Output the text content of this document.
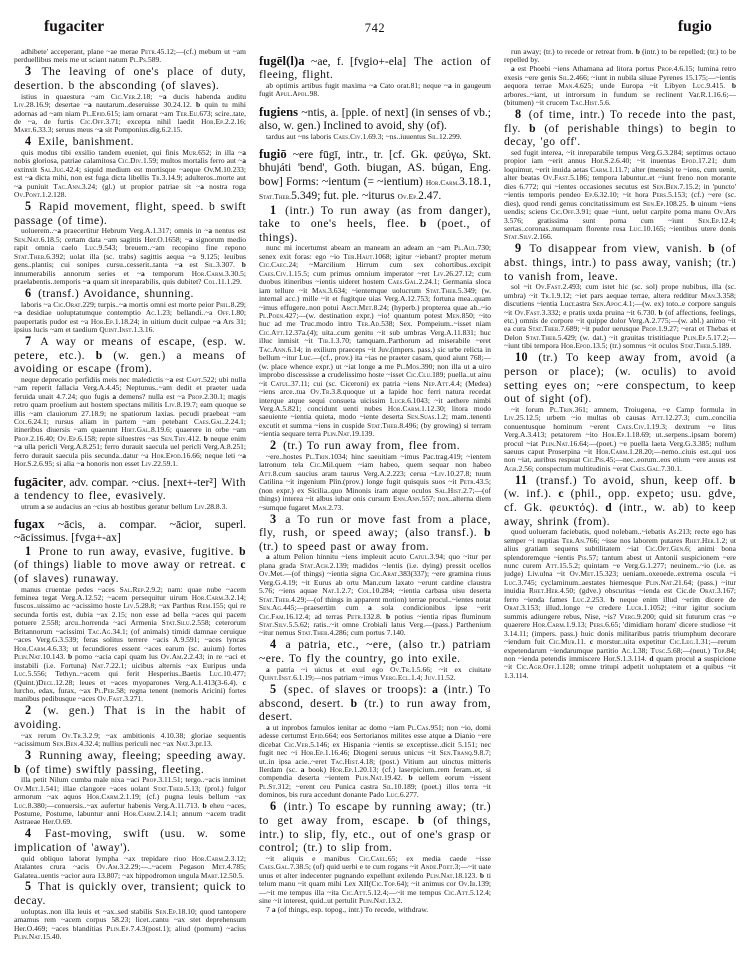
fugaciter	742	fugio

adhibete' acceperant, plane ~ae merae Petr.45.12;—(cf.) mebum ut ~am perduellibus meis me ut sciant natum Pl.Ps.589.

3 The leaving of one's place of duty, desertion. b the absconding (of slaves).

istius in quaestura ~am Cic.Ver.2.18; ~a ducis habenda auditu Liv.28.16.9; desertae ~a nautarum..deseruisse 30.24.12. b quin tu mihi adornas ad ~am niam Pl.Epid.615; iam ornarat ~am Ter.Eu.673; scire..tate, de ~a, de furtis Cic.Off.3.71; excepta nihil laedit Hor.Ep.2.2.16; Mart.6.33.3; seruus meus ~a sit Pomponius.dig.6.2.15.

4 Exile, banishment.

quis modus tibi exsilio tandem eueniet, qui finis Mur.652; in illa ~a nobis gloriosa, patriae calamitosa Cic.Div.1.59; multos mortalis ferro aut ~a extinxit Sal.Jug.42.4; siquid medium est mortisque ~aeque Ov.M.10.233; est ~a dicta mihi, non est fuga dicta libellis Tr.3.14.9; adulteros..morte aut ~a puniuit Tac.Ann.3.24; (gl.) ut propior patriae sit ~a nostra roga Ov.Pont.1.2.128.

5 Rapid movement, flight, speed. b swift passage (of time).

uoluerem..~a praecertitur Hebrum Verg.A.1.317; omnis in ~a nentus est Sen.Nat.6.18.5; certam data ~am sagittis Her.O.1658; ~a signorum medio rapit omnia caelo Luc.9.543; breuem..~am recopino fine repono Stat.Theb.6.392; uolat illa (sc. trabs) sagittis aequa ~a 9.125; leuibus gens..plantis; cui sonipes cursu..cesserit..tanta ~a est Sil.3.307. b innumerabilis annorum series et ~a temporum Hor.Carm.3.30.5; praelabentis..temporis ~a quam sit inreparabilis, quis dubitet? Col.11.1.29.

6 (transf.) Avoidance, shunning.

laboris ~a Cic.Orat.229; turpis..~a mortis omni est morte peior Phil.8.29; ~a desidiae uoluptatumque contemptio Ac.1.23; bellandi..~a Off.1.80; paupertatis pudor est ~a Hor.Ep.1.18.24; in uitium ducit culpae ~a Ars 31; ipsius lucis ~am et taedium Quint.Inst.1.3.16.

7 A way or means of escape, (esp. w. petere, etc.). b (w. gen.) a means of avoiding or escape (from).

neque deprecatio perfidiis meis nec maledictis ~a est Capt.522; ubi nulla ~am reperit fallacia Verg.A.4.45; Neptunus..~am dedit et praeter uada feruida unait 4.7.24; quo fugis a demens? nulla est ~a Prop.2.30.1; magis retro quam proelium aut hostem spectans militis Liv.8.19.7; eam quoque se illis ~am clauiorum 27.18.9; ne spatiorum laxias. pecudi praebeat ~am Col.6.24.1; rursus aliam in partem ~am petebant Caes.Gal.2.24.1; itineribus diuersis ~am quaerunt Hirt.Gal.8.19.6; quaerere in orbe ~am Prop.2.16.40; Ov.Ep.6.158; repte siluestres ~as Sen.Thy.412. b neque enim ~a ulla pericli Verg.A.8.251; ferro durauit saecula uel pericli Verg.A.8.251; ferro durauit saecula piis secunda..datur ~a Hor.Epod.16.66; neque leti ~a Hor.S.2.6.95; si alia ~a honoris non esset Liv.22.59.1.

fugāciter, adv. compar. ~cius. [next+-ter²] With a tendency to flee, evasively.

utrum a se audacius an ~cius ab hostibus geratur bellum Liv.28.8.3.

fugax ~ācis, a. compar. ~ācior, superl. ~ācissimus. [fvga+-ax]

1 Prone to run away, evasive, fugitive. b (of things) liable to move away or retreat. c (of slaves) runaway.

manus cruentae pedes ~aces Sal.Rep.2.9.2; nam: quae nube ~acem feminea tegat Verg.A.12.52; ~acem persequitur uirum Hor.Carm.3.2.14; fuscos..uissimo ac ~acissimo hoste Liv.5.28.8; ~ax Parthus Rem.155; qui re secunda fortis est, dubia ~ax 2.15; non esse ad bella ~aces qui pacem potuere 2.558; arcu..horrenda ~aci Armenia Stat.Silu.2.558; ceterorum Britannorum ~acissimi Tac.Ag.34.1; (of animals) timidi damnae ceruique ~aces Verg.G.3.539; feras solitus terrere ~acis A.9.591; ~aces lyncas Hor.Carm.4.6.33; ut fecundiores essent ~aces earum (sc. auium) fortes Plin.Nat.10.143. b pomo ~acia capi quam lus Ov.Am.2.2.43; in re ~aci et instabili (i.e. Fortuna) Nat.7.22.1; uicibus alternis ~ax Euripus unda Luc.5.556; Tethyn..~acem qui ferit Hesperius..Baetis Luc.10.477; (Quint.)Decl.12.28; leues et ~aces myoparones Verg.A.1.413(3-6.4). c lurcho, edax, furax, ~ax Pl.Per.58; regna tenent (nemoris Aricini) fortes manibus pedibusque ~aces Ov.Fast.3.271.

2 (w. gen.) That is in the habit of avoiding.

~ax rerum Ov.Tr.3.2.9; ~ax ambitionis 4.10.38; gloriae sequentis ~acissimum Sen.Ben.4.32.4; nullius periculi nec ~ax Nat.3.pr.13.

3 Running away, fleeing; speeding away. b (of time) swiftly passing, fleeting.

illa petit Nilum cumba male nixa ~aci Prop.3.11.51; tergo..~acis inminet Ov.Met.1.541; illae clangore ~aces uolant Stat.Theb.5.13; (prol.) fulgor armorum ~ax aquos Hor.Carm.2.1.19; (cf.) pugna leuis bellum ~ax Luc.8.380;—conuersis..~ax aufertur habenis Verg.A.11.713. b eheu ~aces, Postume, Postume, labuntur anni Hor.Carm.2.14.1; annum ~acem tradit Astraeae Her.O.69.

4 Fast-moving, swift (usu. w. some implication of 'away').

quid obliquo laborat lympha ~ax trepidare riuo Hor.Carm.2.3.12; Atalantes crura ~acis Ov.Am.3.2.29;—..~acem Pegason Met.4.785; Galatea..uentis ~acior aura 13.807; ~ax hippodromon ungula Mart.12.50.5.

5 That is quickly over, transient; quick to decay.

uoluptas..non illa leuis et ~ax..sed stabilis Sen.Ep.18.10; quod tantopere amamus rem ~acem corpus 58.23; licet..cantu ~ax stet deprehensum Her.O.469; ~aces blanditias Plin.Ep.7.4.3(post.1); aliud (pomum) ~acius Plin.Nat.15.40.

fugēl(l)a ~ae, f. [fvgio+-ela] The action of fleeing, flight.

ab optimis artibus fugit maxima ~a Cato orat.81; neque ~a in gaugeum fugit Apul.Apol.98.

fugiens ~ntis, a. [pple. of next] (in senses of vb.; also, w. gen.) Inclined to avoid, shy (of).

tardus aut ~ns laboris Caes.Civ.1.69.3; ~ns..iuuentus Sil.12.299.

fugiō ~ere fūgī, intr., tr. [cf. Gk. φεύγω, Skt. bhujáti 'bend', Goth. biugan, AS. búgan, Eng. bow] Forms: ~ientum (= ~ientium) Hor.Carm.3.18.1, Stat.Theb.5.349; fut. ple. ~iturus Ov.Ep.2.47.

1 (intr.) To run away (as from danger), take to one's heels, flee. b (poet., of things).

nunc mi incertumst abeam an maneam an adeam an ~am Pl.Aul.730; senex exit foras: ego ~io Ter.Haut.1068; igitur ~iebant? propter metum Cic.Caec.24; ~Marcilium Hirrum cum sex cohortibus..excipit Caes.Civ.1.15.5; cum primus omnium imperator ~ret Liv.26.27.12; cum duobus itineribus ~ientis uideret hostem Caes.Gal.2.24.1; Germania sloca iam tellure ~it Man.3.634; ~ientemque uolucrum Stat.Theb.5.349; (w. internal acc.) mille ~it et fugitque uias Verg.A.12.753; fortuna mea..quam ~imus effugere..non potui Arct.Met.8.24; (hyperb.) propterea quae ab..~io Pl.Poen.427;—(w. destination expr.) ~io! quantum potest Men.850; ~ito huc ad me Truc.modo intro Ter.Ad.538; Sex. Pompeium..~isset niam Cic.Att.12.37a.(4); uita..cum genitu ~it sub umbras Verg.A.11.831; huc illuc inmisit ~it Tib.1.3.70; tamquam..Parthorum ad miserabile ~eret Tac.Ann.6.14; in exilium praeceps ~it Juv.(impers. pass.) sic urbe relicta in bellum ~itur Luc.—(cf., prov.) ita ~ias ne praeter casam, quod aiunt 768;—(w. place whence expr.) ut ~iat longe a me Pl.Mos.390; non illa ut a uiro improbo discessisse a crudelissimo hoste ~isset Cic.Clu.189; puella..ut ainu ~it Catul.37.11; cui (sc. Ciceroni) ex patria ~iens Nep.Att.4.4; (Medea) ~iens arce..tua Ov.Tr.3.8.quoque ut a lapide hoc ferri natura recedat interque atque sequi consueta uicissim Lucr.6.1043; ~it aethere nimbi Verg.A.5.821; concidunt uenti nubes Hor.Carm.1.12.30; litora modo saeuiente ~ientia quieta, modo ~iente deserta Sen.Suas.1.2; mam..tenenti excutit et summa ~iens in cuspide Stat.Theb.8.496; (by growing) si terram ~ientia sequare terra Plin.Nat.19.139.

2 (tr.) To run away from, flee from.

~ere..hostes Pl.Trin.1034; hinc saeuitiam ~imus Pac.trag.419; ~ientem latronum tela Cic.Mil.quem ~iam habeo, quem sequar non habeo Att.8.cum saucius aram taurus Verg.A.2.223; cerua ~Liv.10.27.8; tuum Catilina ~it ingenium Plin.(prov.) longe fugit quisquis suos ~it Petr.43.5; (non expr.) ex Sicilia..quo Minonis iram atque oculos Sal.Hist.2.7;—(of things) interea ~it albus iubar onis cursum Enn.Ann.557; nox..alterna diem ~sumque fugaret Man.2.73.

3 a To run or move fast from a place, fly, rush, or speed away; (also transf.). b (tr.) to speed past or away from.

a altum Pelion hinnitu ~iens impleuit acuto Catul.3.94; quo ~itur per plana grada Stat.Ach.2.139; madidos ~lentis (i.e. dying) pressit ocellos Ov.Met.—(of things) ~ientia signa Cic.Arat.383(337); ~ere gramina riuus Verg.G.4.19; ~it Eurus ab ortu Man.cum laxato ~erunt cardine claustra 5.76; ~iens aquae Nat.1.2.7; Col.10.284; ~ientia carbasa uisu deserta Stat.Theb.4.29;—(of things in apparent motion) terrae procul..~ientes notat Sen.Ag.445;—praesertim cum a sola condicionibus ipse ~erit Cic.Fam.16.12.4; ad terras Petr.132.8. b potius ~ientia ripas fluminum Stat.Silv.5.5.62; ratis..~it omne Crobiali latus Verg.—(pass.) Parthenium ~itur nemus Stat.Theb.4.286; cum portus 7.140.

4 a patria, etc., ~ere, (also tr.) patriam ~ere. To fly the country, go into exile.

a patria ~i uictus et exul ego Ov.Tr.1.5.66; ~it ex ciuitate Quint.Inst.6.1.19;—nos patriam ~imus Verg.Ecl.1.4; Juv.11.52.

5 (spec. of slaves or troops): a (intr.) To abscond, desert. b (tr.) to run away from, desert.

a ut inprobos famulos ienitar ac domo ~iam Pl.Cas.951; non ~io, domi adesse certumst Epid.664; eos Sertorianos milites esse atque a Dianio ~ere dicebat Cic.Ver.5.146; ex Hispania ~ientis se exceptisse..dicit 5.151; nec fugit nec ~i Hor.Ep.1.16.46; Diogeni seruus unicus ~it Sen.Tranq.9.8.7; ut..in ipsa acie..~eret Tac.Hist.4.18; (post.) Vitium aut uinctus mitteris Ilerdam (sc. a book) Hor.Ep.1.20.13; (cf.) laserpicium..rem feram..et, si compendia deserta ~ientem Plin.Nat.19.42. b uellem eorum ~issent Pl.St.312; ~erent ceu Punica castra Sil.10.189; (poet.) illos terra ~it dominos, bis rura accedunt donante Pado Luc.6.277.

6 (intr.) To escape by running away; (tr.) to get away from, escape. b (of things, intr.) to slip, fly, etc., out of one's grasp or control; (tr.) to slip from.

~it aliquis e manibus Cic.Cael.65; ex media caede ~isse Caes.Gal.7.38.5; (of) quid uerbi e te cum rogans ~it Ande.Poet.3;—~it uate unus et alter indecenter pugnando expellunt exilendo Plin.Nat.18.123. b ti telum manu ~it quam mihi Lex XII(Cic.Top.64); ~it animus cor Ov.Ib.139;—~it me tempus illa ~ita Cic.Att.5.12.4;—~it me tempus Cic.Att.5.12.4; sine ~it interest, quid..ut pertulit Plin.Nat.13.2.

7 a (of things, esp. topog., intr.) To recede, withdraw.

run away; (tr.) to recede or retreat from. b (intr.) to be repelled; (tr.) to be repelled by.

a est Phoebi ~iens Athamana ad litora portus Prop.4.6.15; lumina retro exesis ~ere genis Sil.2.466; ~iunt in nubila siluae Pyrenes 15.175;—~ientis aequora terrae Man.4.625; unde Europa ~it Libyen Luc.9.415. b arbores..~iant, ut introrsum in fundum se reclinent Var.R.1.16.6;—(bitumen) ~it crucem Tac.Hist.5.6.

8 (of time, intr.) To recede into the past, fly. b (of perishable things) to begin to decay, 'go off'.

sed fugit interea, ~it inreparabile tempus Verg.G.3.284; septimus octauo propior iam ~erit annus Hor.S.2.6.40; ~it inuentas Epod.17.21; dum loquimur, ~erit inuida aetas Carm.1.11.7; alter (mensis) te ~iens, cum uenit, alter beatas Ov.Fast.5.186; tempora labuntur..et ~iunt freno non morante dies 6.772; qui ~ientes occasiones secutus est Sen.Ben.7.15.2; in 'puncto' ~ientis temporis pendeo Ep.6.32.10; ~it hora Pers.5.153; (cf.) ~ere (sc. dies), quod rendi genus concitatissimum est Sen.Ep.108.25. b uinum ~iens uendis; sciens Cic.Off.3.91; quae ~iunt, uelut carpite poma manu Ov.Ars 3.576; gratissima sunt poma cum ~iunt Sen.Ep.12.4; sertas..coronas..numquam florente rosa Luc.10.165; ~ientibus utere donis Stat.Silv.2.166.

9 To disappear from view, vanish. b (of abst. things, intr.) to pass away, vanish; (tr.) to vanish from, leave.

sol ~it Ov.Fast.2.493; cum istet hic (sc. sol) prope nubibus, illa (sc. umbra) ~it Tr.1.9.12; ~iet pars aequae terrae, altera redditur Man.3.358; discutiens ~ientia Lucr.astra Sen.Apoc.4.1;—(w. ex) toto..e corpore sanguis ~it Ov.Fast.3.332; e pratis uxda pruina ~it 6.730. b (of affections, feelings, etc.) omnis de corpore ~it quippe dolor Verg.A.2.775;—(w. abl.) animo ~it ea cura Stat.Theb.7.689; ~it pudor uerusque Prop.1.9.27; ~erat et Thebas et Delon Stat.Theb.5.429; (w. dat.) ~it grauitas tristitiaque Plin.Ep.5.17.2;—~iunt tibi tempora Hor.Epod.13.5; (tr.) somnus ~it oculos Stat.Theb.5.189.

10 (tr.) To keep away from, avoid (a person or place); (w. oculis) to avoid setting eyes on; ~ere conspectum, to keep out of sight (of).

~it forum Pl.Trin.361; amnem, Troiugena, ~e Camp formula in Liv.25.12.5; urbem ~io multas ob causas Att.12.27.3; cum..concilia conuentusque hominum ~erent Caes.Civ.1.19.3; dextrum ~e litus Verg.A.3.413; petatorem ~ito Hor.Ep.1.18.69; ut..serpens..ipsam borem) procul ~iat Plin.Nat.16.64;—(poet.) ~e puella laeta Verg.G.3.385; nullum saeuus caput Proserpina ~it Hor.Carm.1.28.20;—nemo..ciuis est..qui uos non ~iat, auribus respuat Cic.Pis.45;—nec..eorum..eos etium ~ere ausus est Agr.2.56; conspectum multitudinis ~erat Caes.Gal.7.30.1.

11 (transf.) To avoid, shun, keep off. b (w. inf.). c (phil., opp. expeto; usu. gdve, cf. Gk. φευκτός). d (intr., w. ab) to keep away, shrink (from).

quod uolueram faciebatis, quod nolebam..~iebatis As.213; recte ego has semper ~i nuptias Ter.An.766; ~isse nos laborem putares Rhet.Her.1.2; ut alius gratiam sequens subtilitatem ~iat Cic.Opt.Gen.6; animi bona splendoremque ~ientis Pis.57; tantum abest ut Antonii suspicionem ~ere nunc curem Att.15.5.2; quintam ~e Verg.G.1.277; neuinem..~io (i.e. as judge) Liv.ulna ~it Ov.Met.15.323; ueniam..oxeoede..extrema oscula ~i Luc.3.745; cyclaminum..aestates hiemesque Plin.Nat.21.64; (pass.) ~itur inuidia Rhet.Her.4.50; (gdve.) obscuritas ~ienda est Cic.de Orat.3.167; ferro ~ienda fames Luc.2.253. b neque enim illud ~erim dicere de Orat.3.153; illud..longe ~e credere Lucr.1.1052; ~itur igitur socium summis adiungere rebus, Nise, ~is? Verg.9.200; quid sit futurum cras ~e quaerere Hor.Carm.1.9.13; Pers.6.65; 'dimidiam horam' dicere studiose ~it 3.14.11; (impers. pass.) huic donis militaribus patris triumphum decorare ~iendum fuit Cic.Mur.11. c morstur..uita expetitur Cic.Leg.1.31;—rerum expetendarum ~iendarumque partitio Ac.1.38; Tusc.5.68;—(neut.) Top.84; non ~ienda petendis immiscere Hor.S.1.3.114. d quam procul a suspicione ~it Cic.Agr.Off.1.128; omne tritupi adpetit uoluptatem et a quibus ~it 1.3.114.
